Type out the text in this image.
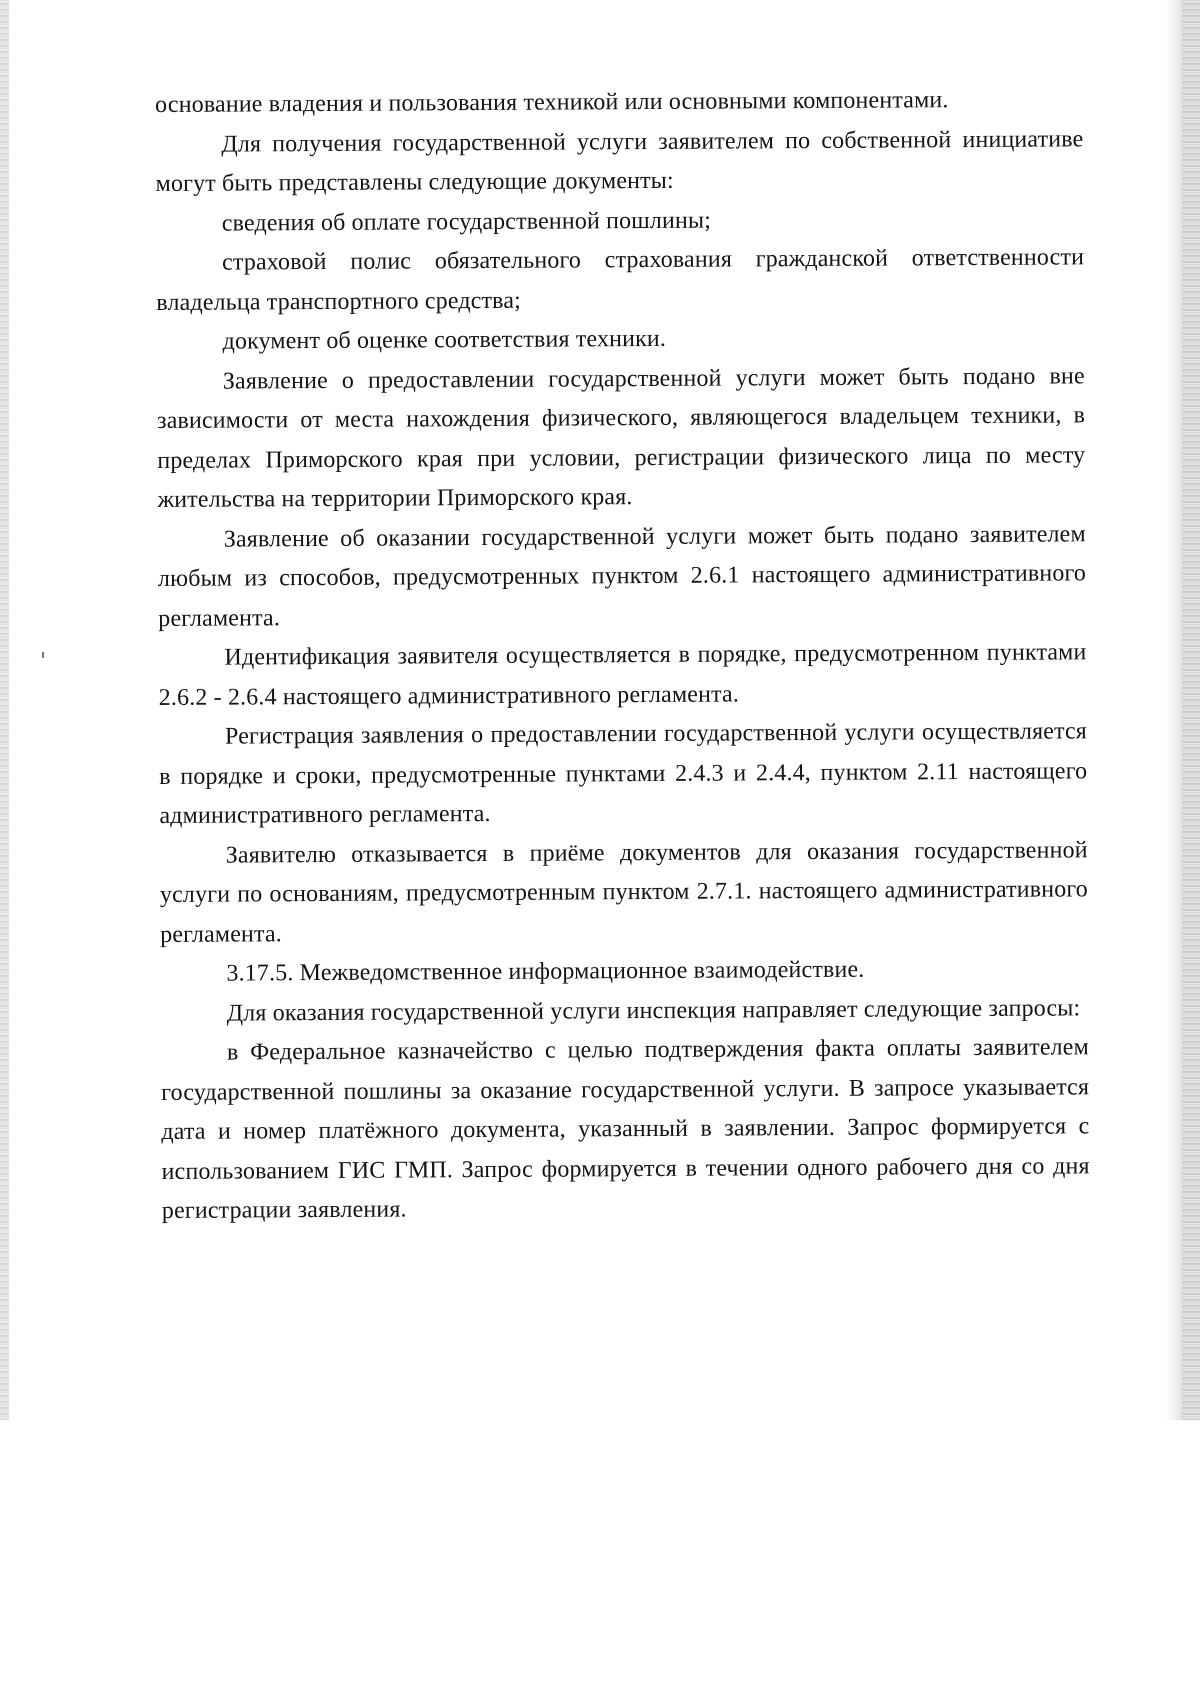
основание владения и пользования техникой или основными компонентами.

Для получения государственной услуги заявителем по собственной инициативе могут быть представлены следующие документы:

сведения об оплате государственной пошлины;

страховой полис обязательного страхования гражданской ответственности владельца транспортного средства;

документ об оценке соответствия техники.

Заявление о предоставлении государственной услуги может быть подано вне зависимости от места нахождения физического, являющегося владельцем техники, в пределах Приморского края при условии, регистрации физического лица по месту жительства на территории Приморского края.

Заявление об оказании государственной услуги может быть подано заявителем любым из способов, предусмотренных пунктом 2.6.1 настоящего административного регламента.

Идентификация заявителя осуществляется в порядке, предусмотренном пунктами 2.6.2 - 2.6.4 настоящего административного регламента.

Регистрация заявления о предоставлении государственной услуги осуществляется в порядке и сроки, предусмотренные пунктами 2.4.3 и 2.4.4, пунктом 2.11 настоящего административного регламента.

Заявителю отказывается в приёме документов для оказания государственной услуги по основаниям, предусмотренным пунктом 2.7.1. настоящего административного регламента.

3.17.5. Межведомственное информационное взаимодействие.

Для оказания государственной услуги инспекция направляет следующие запросы:

в Федеральное казначейство с целью подтверждения факта оплаты заявителем государственной пошлины за оказание государственной услуги. В запросе указывается дата и номер платёжного документа, указанный в заявлении. Запрос формируется с использованием ГИС ГМП. Запрос формируется в течении одного рабочего дня со дня регистрации заявления.
